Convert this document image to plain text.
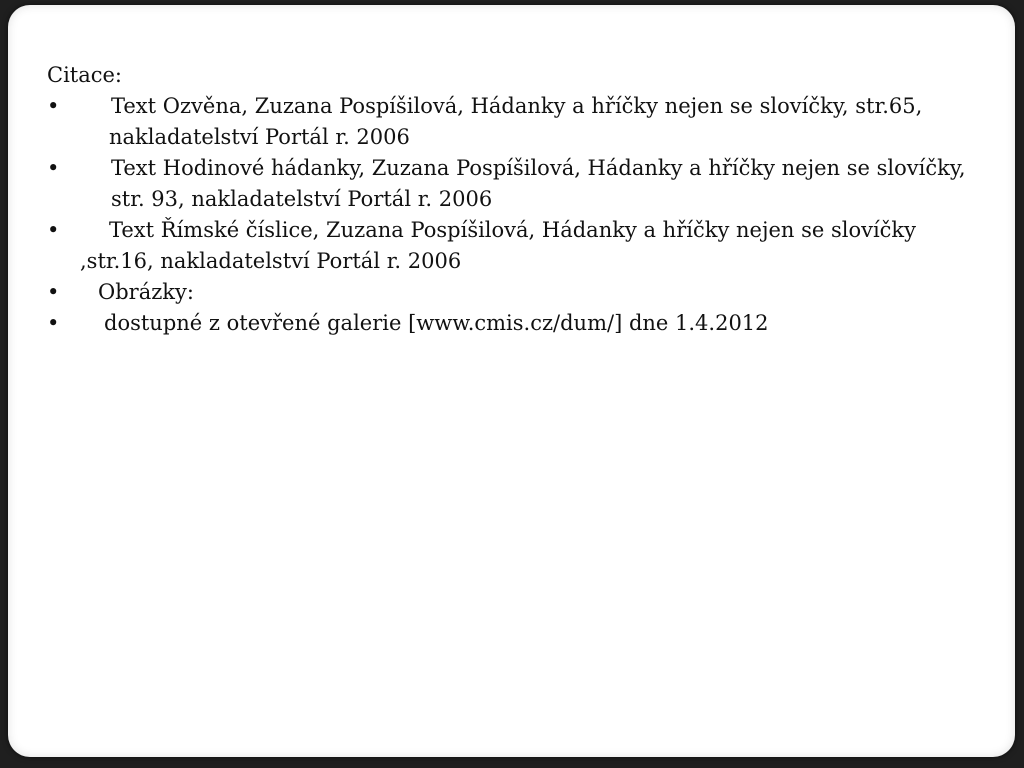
Citace:
•	Text Ozvěna, Zuzana Pospíšilová, Hádanky a hříčky nejen se slovíčky, str.65,
nakladatelství Portál r. 2006
•	Text Hodinové hádanky, Zuzana Pospíšilová, Hádanky a hříčky nejen se slovíčky,
str. 93, nakladatelství Portál r. 2006
•	Text Římské číslice, Zuzana Pospíšilová, Hádanky a hříčky nejen se slovíčky
,str.16, nakladatelství Portál r. 2006
•	Obrázky:
•	dostupné z otevřené galerie [www.cmis.cz/dum/] dne 1.4.2012
